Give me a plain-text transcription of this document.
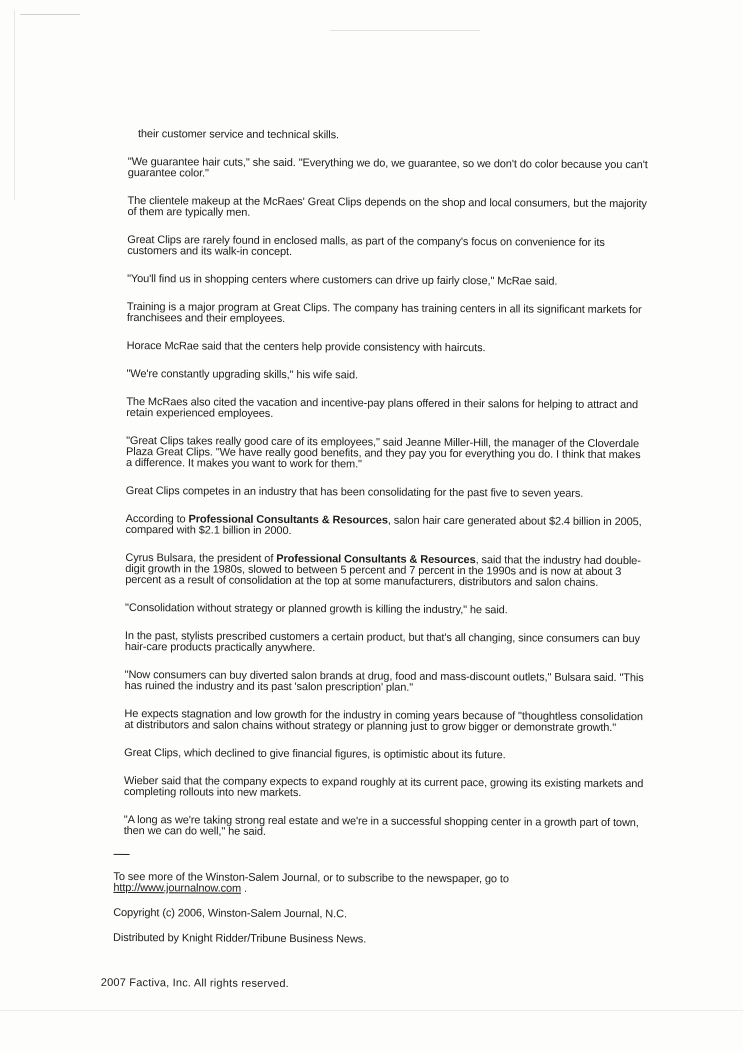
their customer service and technical skills.

"We guarantee hair cuts," she said. "Everything we do, we guarantee, so we don't do color because you can't guarantee color."

The clientele makeup at the McRaes' Great Clips depends on the shop and local consumers, but the majority of them are typically men.

Great Clips are rarely found in enclosed malls, as part of the company's focus on convenience for its customers and its walk-in concept.

"You'll find us in shopping centers where customers can drive up fairly close," McRae said.

Training is a major program at Great Clips. The company has training centers in all its significant markets for franchisees and their employees.

Horace McRae said that the centers help provide consistency with haircuts.

"We're constantly upgrading skills," his wife said.

The McRaes also cited the vacation and incentive-pay plans offered in their salons for helping to attract and retain experienced employees.

"Great Clips takes really good care of its employees," said Jeanne Miller-Hill, the manager of the Cloverdale Plaza Great Clips. "We have really good benefits, and they pay you for everything you do. I think that makes a difference. It makes you want to work for them."

Great Clips competes in an industry that has been consolidating for the past five to seven years.

According to Professional Consultants & Resources, salon hair care generated about $2.4 billion in 2005, compared with $2.1 billion in 2000.

Cyrus Bulsara, the president of Professional Consultants & Resources, said that the industry had double-digit growth in the 1980s, slowed to between 5 percent and 7 percent in the 1990s and is now at about 3 percent as a result of consolidation at the top at some manufacturers, distributors and salon chains.

"Consolidation without strategy or planned growth is killing the industry," he said.

In the past, stylists prescribed customers a certain product, but that's all changing, since consumers can buy hair-care products practically anywhere.

"Now consumers can buy diverted salon brands at drug, food and mass-discount outlets," Bulsara said. "This has ruined the industry and its past 'salon prescription' plan."

He expects stagnation and low growth for the industry in coming years because of "thoughtless consolidation at distributors and salon chains without strategy or planning just to grow bigger or demonstrate growth."

Great Clips, which declined to give financial figures, is optimistic about its future.

Wieber said that the company expects to expand roughly at its current pace, growing its existing markets and completing rollouts into new markets.

"A long as we're taking strong real estate and we're in a successful shopping center in a growth part of town, then we can do well," he said.

To see more of the Winston-Salem Journal, or to subscribe to the newspaper, go to
http://www.journalnow.com .

Copyright (c) 2006, Winston-Salem Journal, N.C.

Distributed by Knight Ridder/Tribune Business News.

2007 Factiva, Inc. All rights reserved.
